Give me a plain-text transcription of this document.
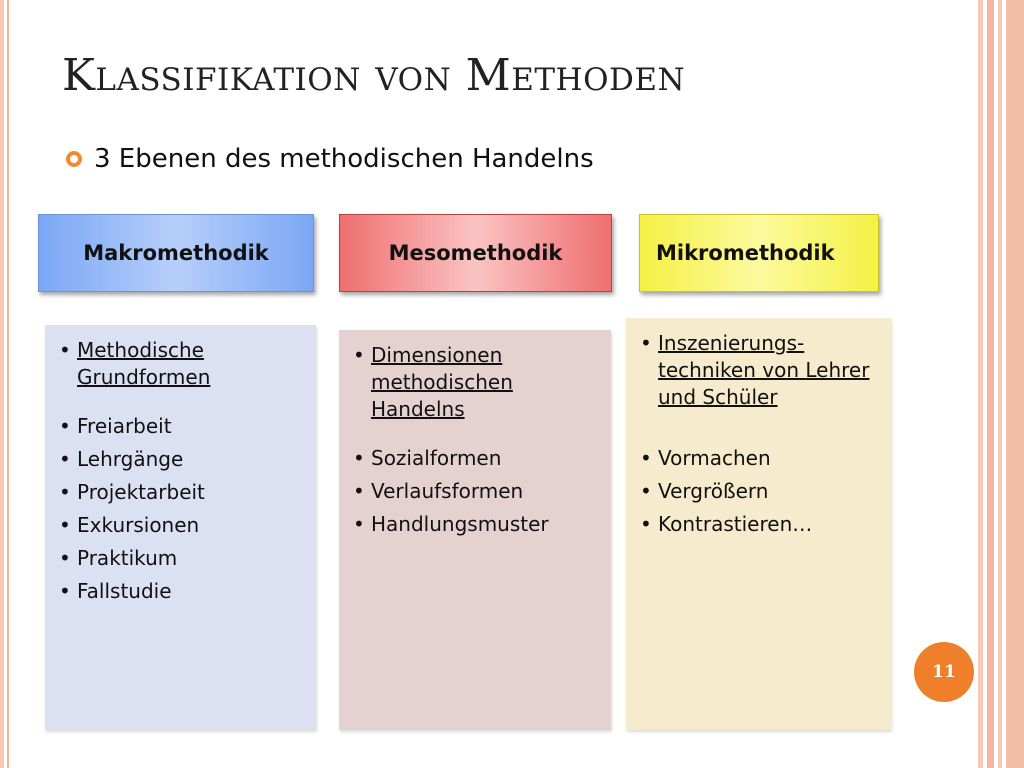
Klassifikation von Methoden
3 Ebenen des methodischen Handelns
Makromethodik	Mesomethodik	Mikromethodik
• Methodische Grundformen
• Freiarbeit
• Lehrgänge
• Projektarbeit
• Exkursionen
• Praktikum
• Fallstudie
• Dimensionen methodischen Handelns
• Sozialformen
• Verlaufsformen
• Handlungsmuster
• Inszenierungs-techniken von Lehrer und Schüler
• Vormachen
• Vergrößern
• Kontrastieren…
11
